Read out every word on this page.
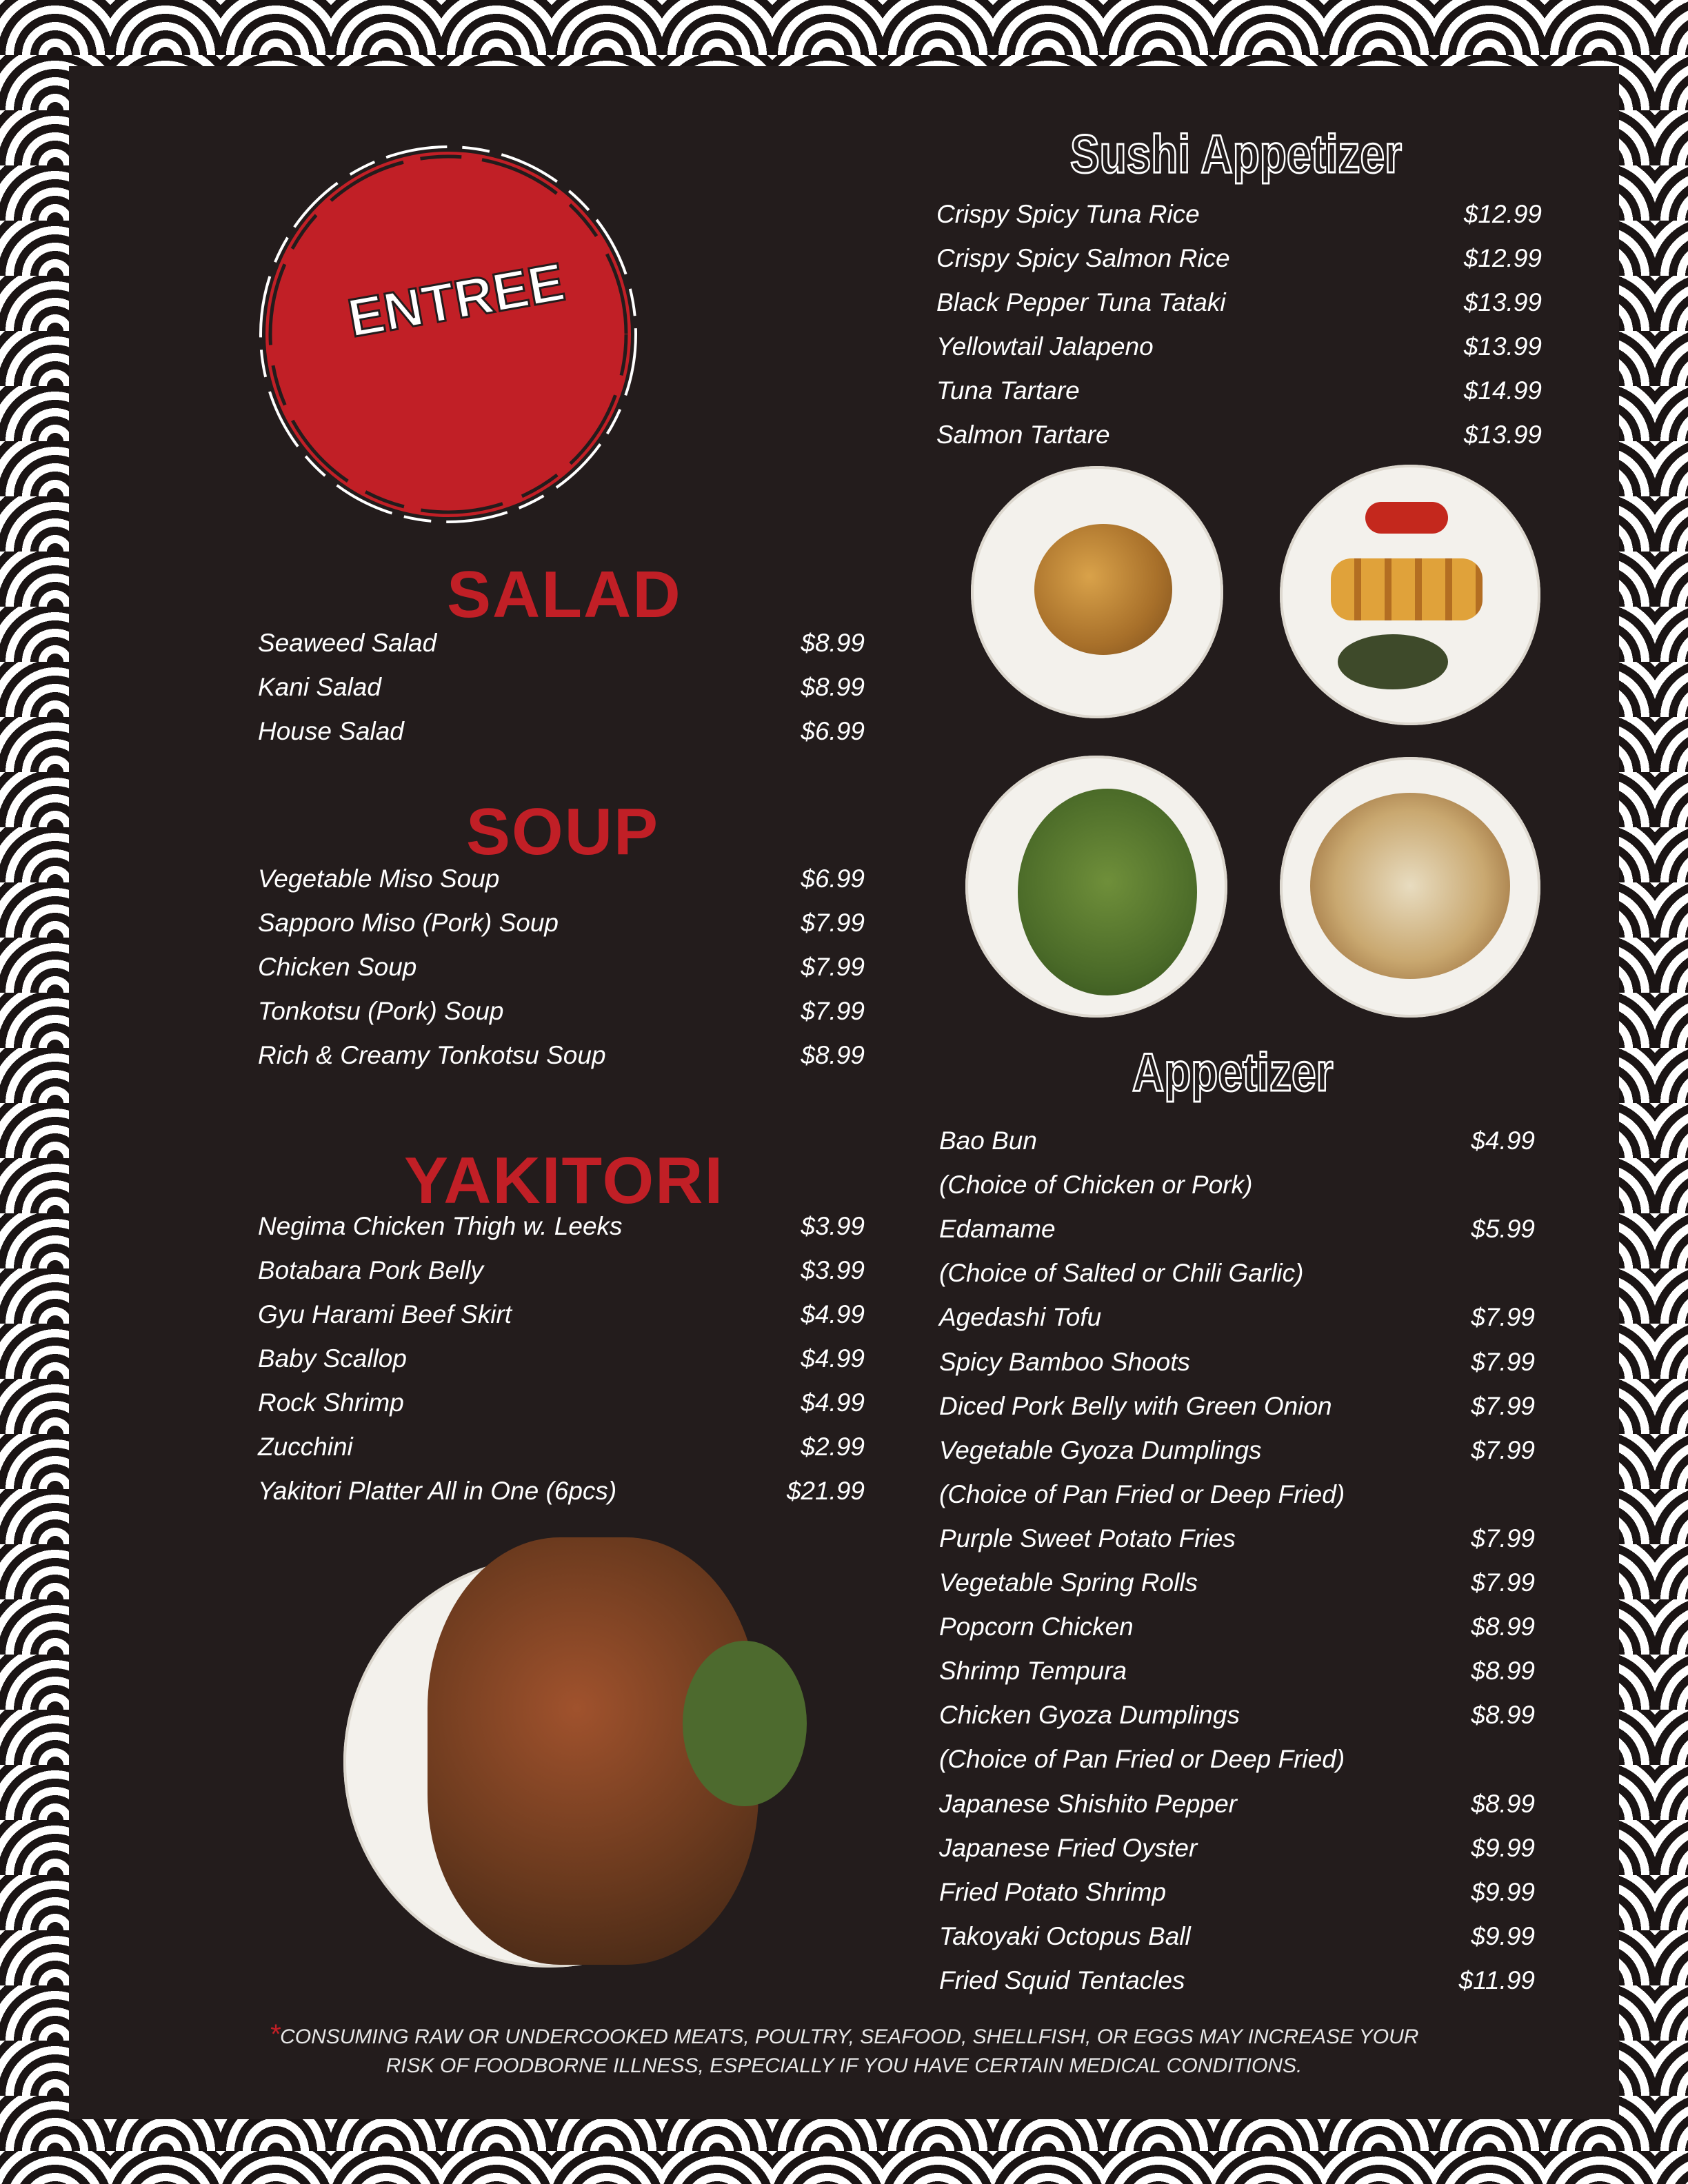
ENTREE
SALAD
Seaweed Salad	$8.99
Kani Salad	$8.99
House Salad	$6.99
SOUP
Vegetable Miso Soup	$6.99
Sapporo Miso (Pork) Soup	$7.99
Chicken Soup	$7.99
Tonkotsu (Pork) Soup	$7.99
Rich & Creamy Tonkotsu Soup	$8.99
YAKITORI
Negima Chicken Thigh w. Leeks	$3.99
Botabara Pork Belly	$3.99
Gyu Harami Beef Skirt	$4.99
Baby Scallop	$4.99
Rock Shrimp	$4.99
Zucchini	$2.99
Yakitori Platter All in One (6pcs)	$21.99
Sushi Appetizer
Crispy Spicy Tuna Rice	$12.99
Crispy Spicy Salmon Rice	$12.99
Black Pepper Tuna Tataki	$13.99
Yellowtail Jalapeno	$13.99
Tuna Tartare	$14.99
Salmon Tartare	$13.99
Appetizer
Bao Bun	$4.99
(Choice of Chicken or Pork)
Edamame	$5.99
(Choice of Salted or Chili Garlic)
Agedashi Tofu	$7.99
Spicy Bamboo Shoots	$7.99
Diced Pork Belly with Green Onion	$7.99
Vegetable Gyoza Dumplings	$7.99
(Choice of Pan Fried or Deep Fried)
Purple Sweet Potato Fries	$7.99
Vegetable Spring Rolls	$7.99
Popcorn Chicken	$8.99
Shrimp Tempura	$8.99
Chicken Gyoza Dumplings	$8.99
(Choice of Pan Fried or Deep Fried)
Japanese Shishito Pepper	$8.99
Japanese Fried Oyster	$9.99
Fried Potato Shrimp	$9.99
Takoyaki Octopus Ball	$9.99
Fried Squid Tentacles	$11.99
*CONSUMING RAW OR UNDERCOOKED MEATS, POULTRY, SEAFOOD, SHELLFISH, OR EGGS MAY INCREASE YOUR
RISK OF FOODBORNE ILLNESS, ESPECIALLY IF YOU HAVE CERTAIN MEDICAL CONDITIONS.
